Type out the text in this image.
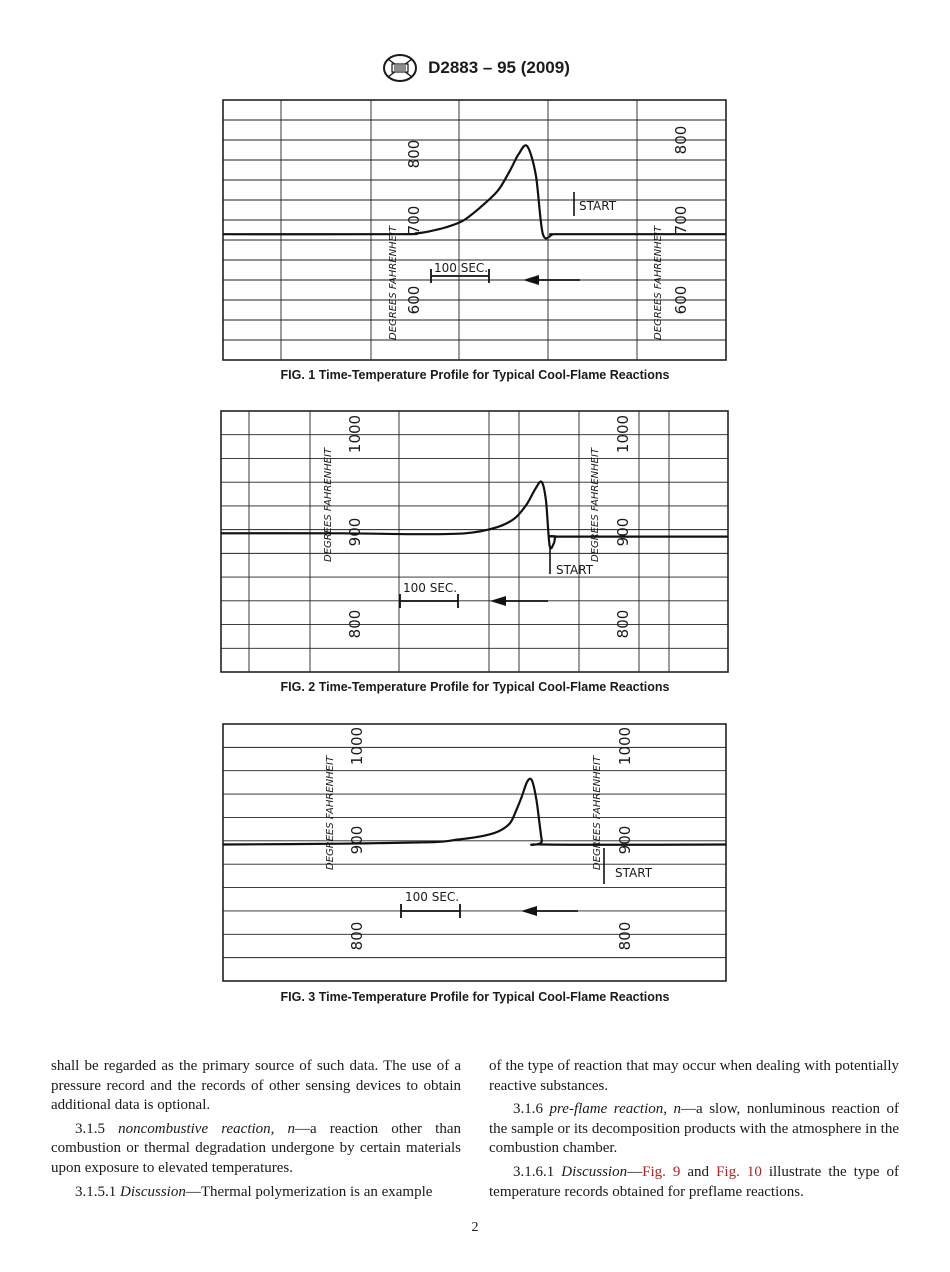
D2883 – 95 (2009)
DEGREES FAHRENHEIT	DEGREES FAHRENHEIT
800
700
600
800
700
600
START
100 SEC.
FIG. 1 Time-Temperature Profile for Typical Cool-Flame Reactions
DEGREES FAHRENHEIT	DEGREES FAHRENHEIT
1000
900
800
1000
900
800
START
100 SEC.
FIG. 2 Time-Temperature Profile for Typical Cool-Flame Reactions
DEGREES FAHRENHEIT	DEGREES FAHRENHEIT
1000
900
800
1000
900
800
START
100 SEC.
FIG. 3 Time-Temperature Profile for Typical Cool-Flame Reactions

shall be regarded as the primary source of such data. The use of a pressure record and the records of other sensing devices to obtain additional data is optional.

3.1.5 noncombustive reaction, n—a reaction other than combustion or thermal degradation undergone by certain materials upon exposure to elevated temperatures.

3.1.5.1 Discussion—Thermal polymerization is an example

of the type of reaction that may occur when dealing with potentially reactive substances.

3.1.6 pre-flame reaction, n—a slow, nonluminous reaction of the sample or its decomposition products with the atmosphere in the combustion chamber.

3.1.6.1 Discussion—Fig. 9 and Fig. 10 illustrate the type of temperature records obtained for preflame reactions.

2
